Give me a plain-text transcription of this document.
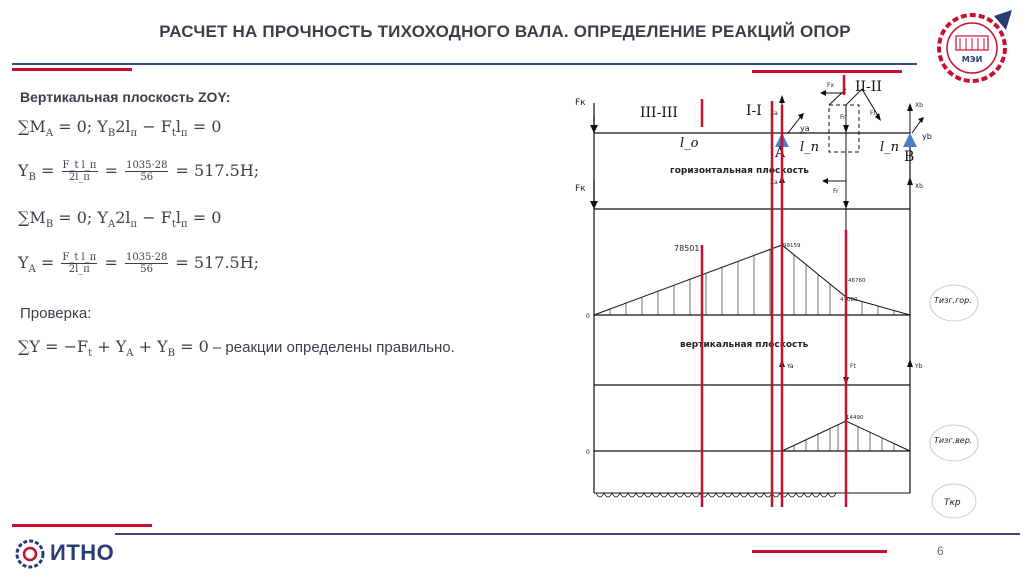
РАСЧЕТ НА ПРОЧНОСТЬ ТИХОХОДНОГО ВАЛА. ОПРЕДЕЛЕНИЕ РЕАКЦИЙ ОПОР
МЭИ
Вертикальная плоскость ZOY:
$\sum M_A = 0$; $Y_B2l_п - F_tl_п = 0$
$Y_B = \frac{\text{F\_t l\_п}}{2l\_п} = \frac{1035\cdot 28}{56} = 517.5Н$;
$\sum M_B = 0$; $Y_A2l_п - F_tl_п = 0$
$Y_A = \frac{\text{F\_t l\_п}}{2l\_п} = \frac{1035\cdot 28}{56} = 517.5Н$;
Проверка:
$\sum Y = -F_t + Y_A + Y_B = 0$ – реакции определены правильно.
Fк
Fк
A	B
Xa
ya
Xb
yb
Fx
Fr
Ft
Xa
Fr
Xb
l_o	l_п	l_п
горизонтальная плоскость
вертикальная плоскость
99159
46760
41080
78501
0
Ya	Ft	Yb
14490
0
III-III	I-I
II-II
Tизг.гор.
Tизг.вер.
Tкр
ИТНО	6
